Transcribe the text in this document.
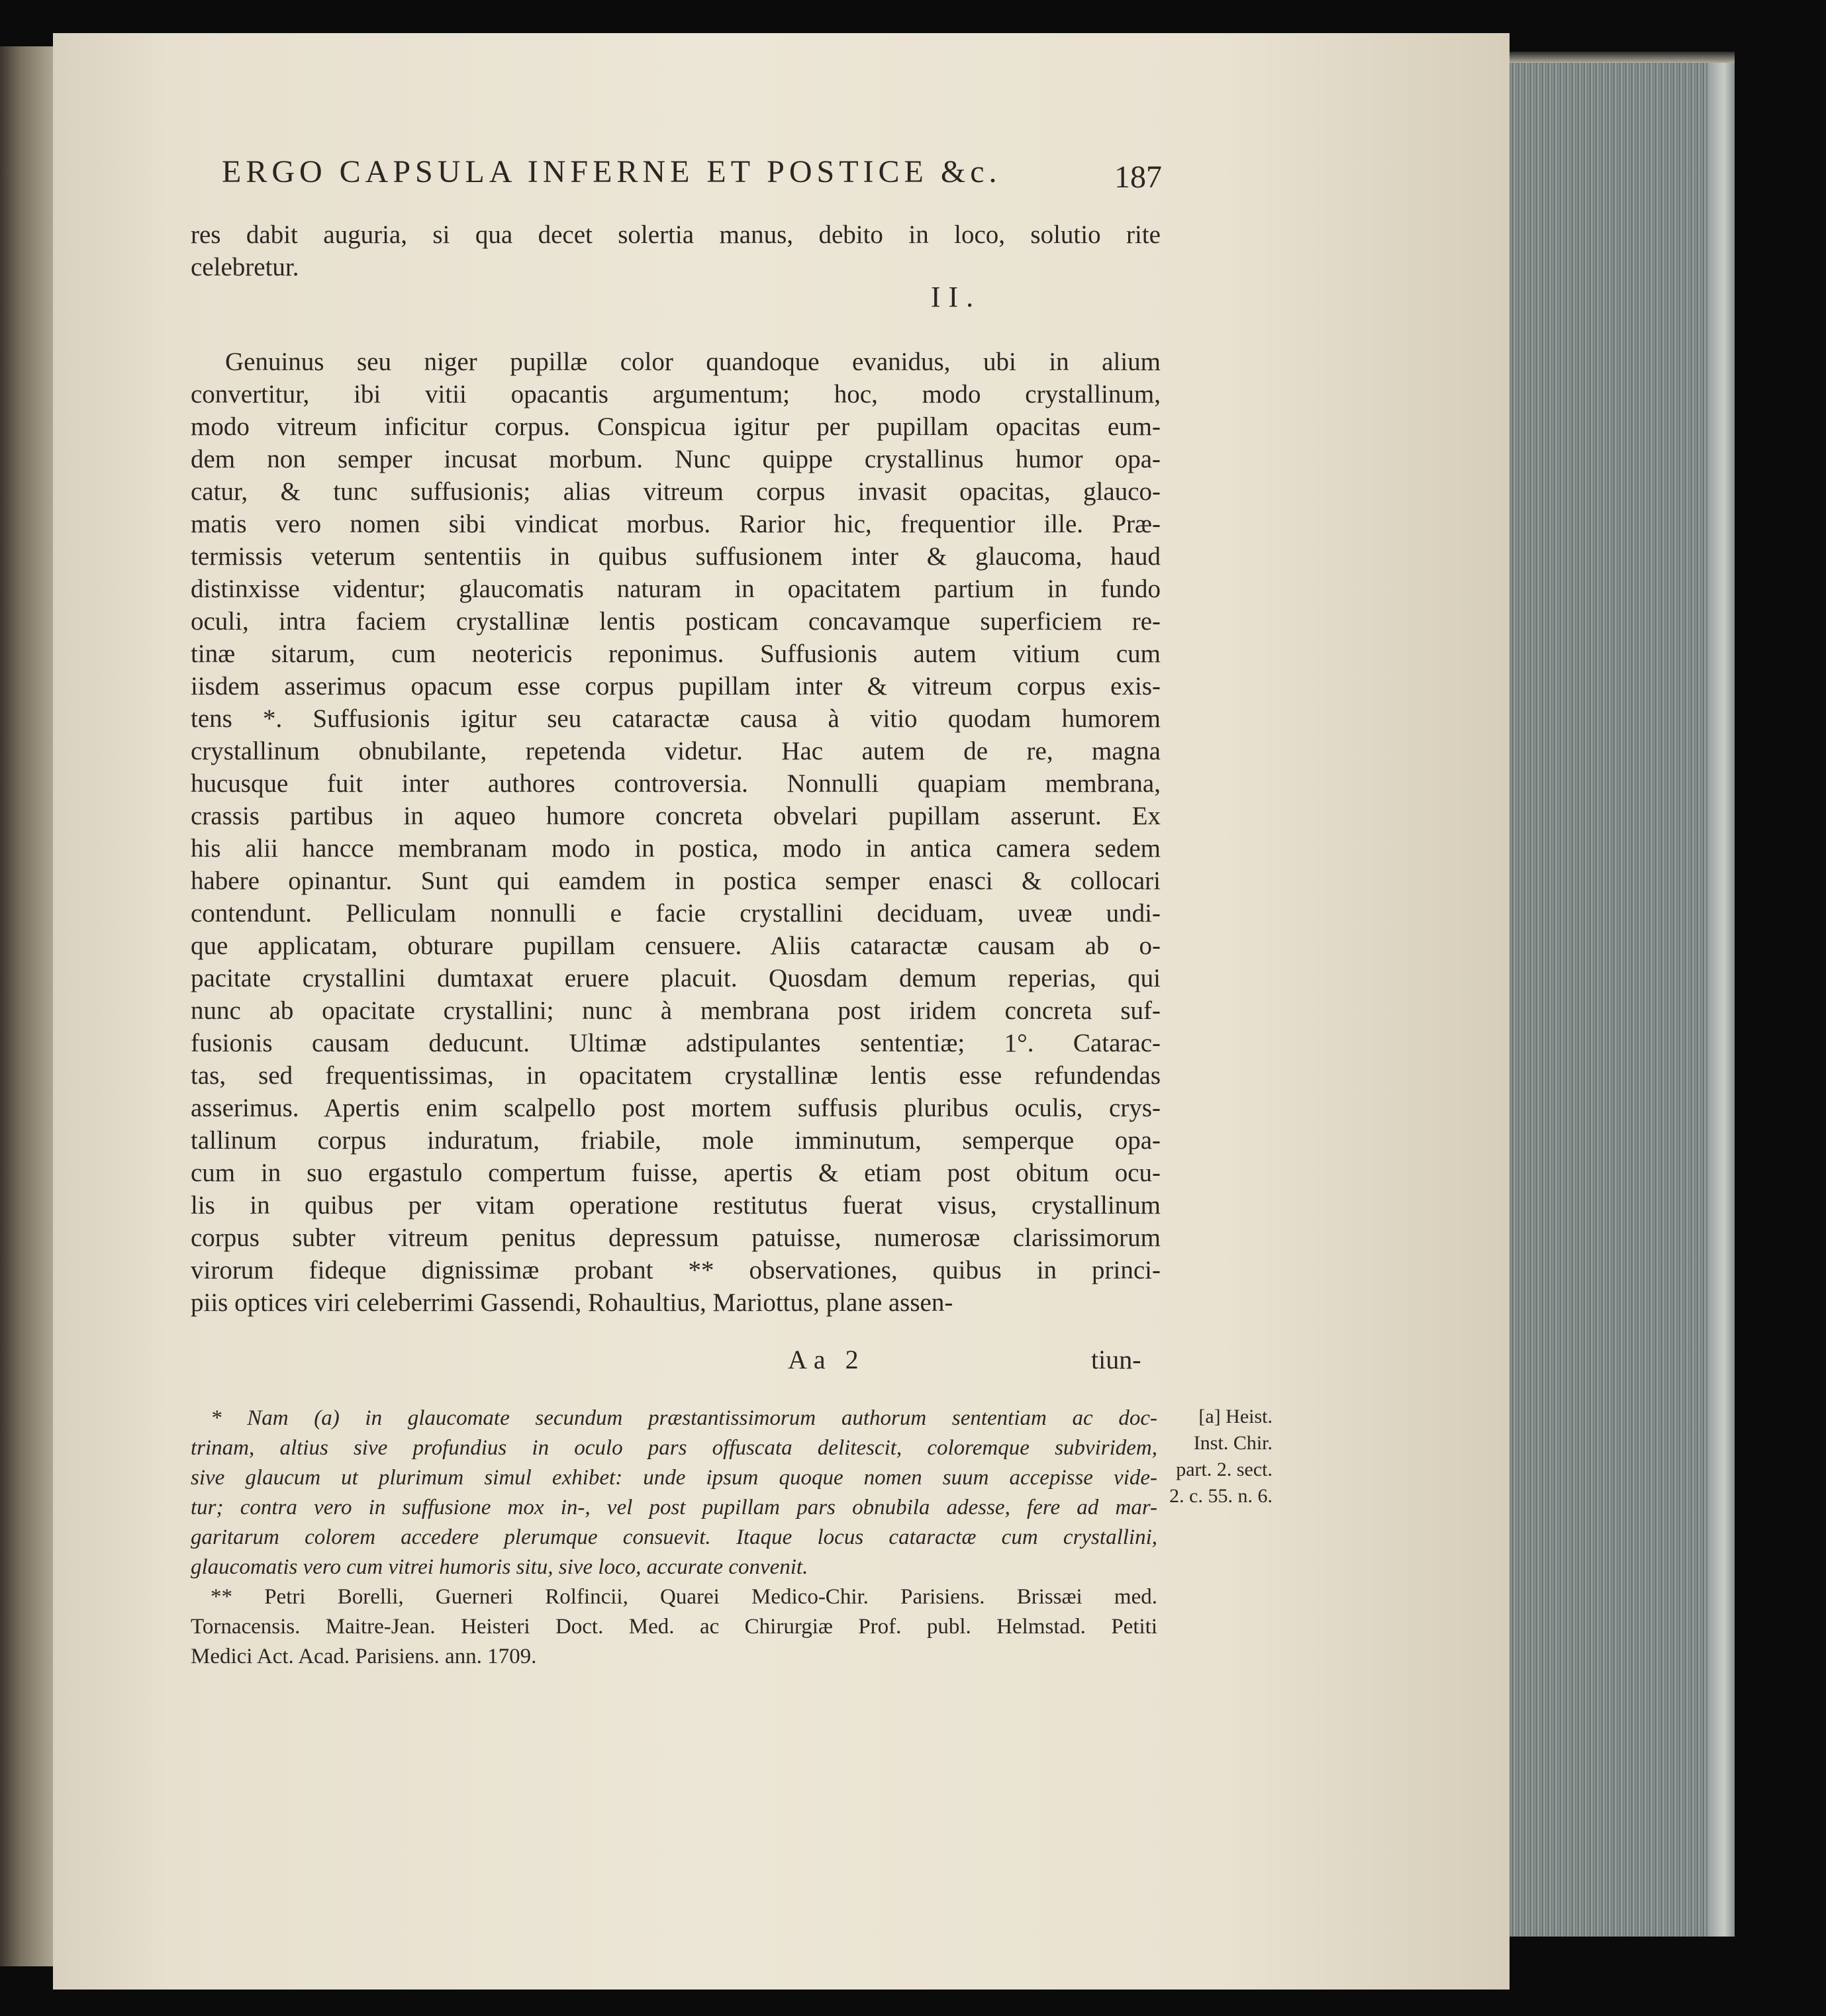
ERGO CAPSULA INFERNE ET POSTICE &c.	187
res dabit auguria, si qua decet solertia manus, debito in loco, solutio rite
celebretur.
II.
Genuinus seu niger pupillæ color quandoque evanidus, ubi in alium
convertitur, ibi vitii opacantis argumentum; hoc, modo crystallinum,
modo vitreum inficitur corpus. Conspicua igitur per pupillam opacitas eum-
dem non semper incusat morbum. Nunc quippe crystallinus humor opa-
catur, & tunc suffusionis; alias vitreum corpus invasit opacitas, glauco-
matis vero nomen sibi vindicat morbus. Rarior hic, frequentior ille. Præ-
termissis veterum sententiis in quibus suffusionem inter & glaucoma, haud
distinxisse videntur; glaucomatis naturam in opacitatem partium in fundo
oculi, intra faciem crystallinæ lentis posticam concavamque superficiem re-
tinæ sitarum, cum neotericis reponimus. Suffusionis autem vitium cum
iisdem asserimus opacum esse corpus pupillam inter & vitreum corpus exis-
tens *. Suffusionis igitur seu cataractæ causa à vitio quodam humorem
crystallinum obnubilante, repetenda videtur. Hac autem de re, magna
hucusque fuit inter authores controversia. Nonnulli quapiam membrana,
crassis partibus in aqueo humore concreta obvelari pupillam asserunt. Ex
his alii hancce membranam modo in postica, modo in antica camera sedem
habere opinantur. Sunt qui eamdem in postica semper enasci & collocari
contendunt. Pelliculam nonnulli e facie crystallini deciduam, uveæ undi-
que applicatam, obturare pupillam censuere. Aliis cataractæ causam ab o-
pacitate crystallini dumtaxat eruere placuit. Quosdam demum reperias, qui
nunc ab opacitate crystallini; nunc à membrana post iridem concreta suf-
fusionis causam deducunt. Ultimæ adstipulantes sententiæ; 1°. Catarac-
tas, sed frequentissimas, in opacitatem crystallinæ lentis esse refundendas
asserimus. Apertis enim scalpello post mortem suffusis pluribus oculis, crys-
tallinum corpus induratum, friabile, mole imminutum, semperque opa-
cum in suo ergastulo compertum fuisse, apertis & etiam post obitum ocu-
lis in quibus per vitam operatione restitutus fuerat visus, crystallinum
corpus subter vitreum penitus depressum patuisse, numerosæ clarissimorum
virorum fideque dignissimæ probant ** observationes, quibus in princi-
piis optices viri celeberrimi Gassendi, Rohaultius, Mariottus, plane assen-
Aa 2	tiun-
* Nam (a) in glaucomate secundum præstantissimorum authorum sententiam ac doc-
trinam, altius sive profundius in oculo pars offuscata delitescit, coloremque subviridem,
sive glaucum ut plurimum simul exhibet: unde ipsum quoque nomen suum accepisse vide-
tur; contra vero in suffusione mox in-, vel post pupillam pars obnubila adesse, fere ad mar-
garitarum colorem accedere plerumque consuevit. Itaque locus cataractæ cum crystallini,
glaucomatis vero cum vitrei humoris situ, sive loco, accurate convenit.
** Petri Borelli, Guerneri Rolfincii, Quarei Medico-Chir. Parisiens. Brissæi med.
Tornacensis. Maitre-Jean. Heisteri Doct. Med. ac Chirurgiæ Prof. publ. Helmstad. Petiti
Medici Act. Acad. Parisiens. ann. 1709.
[a] Heist.
Inst. Chir.
part. 2. sect.
2. c. 55. n. 6.
